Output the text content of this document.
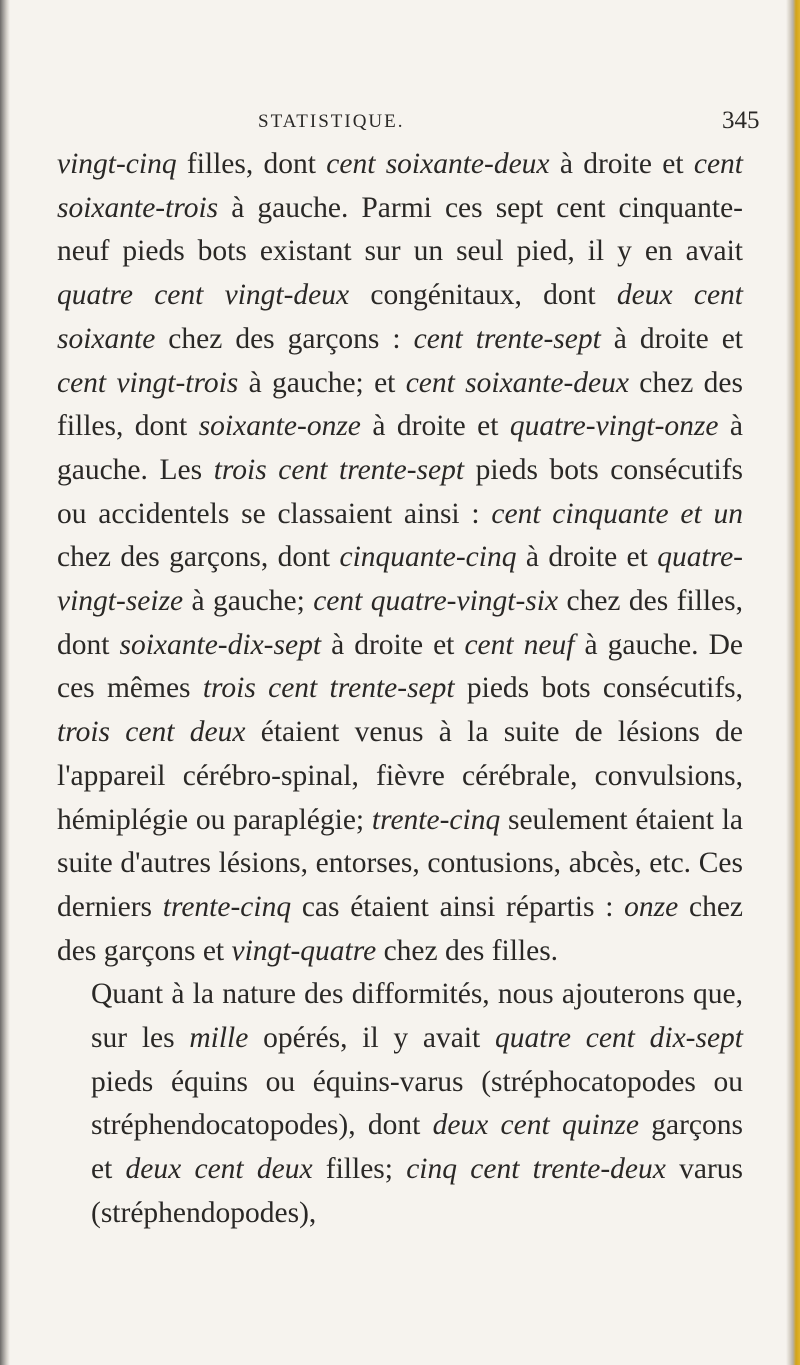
STATISTIQUE.	345
vingt-cinq filles, dont cent soixante-deux à droite et cent soixante-trois à gauche. Parmi ces sept cent cinquante-neuf pieds bots existant sur un seul pied, il y en avait quatre cent vingt-deux congénitaux, dont deux cent soixante chez des garçons : cent trente-sept à droite et cent vingt-trois à gauche; et cent soixante-deux chez des filles, dont soixante-onze à droite et quatre-vingt-onze à gauche. Les trois cent trente-sept pieds bots consécutifs ou accidentels se classaient ainsi : cent cinquante et un chez des garçons, dont cinquante-cinq à droite et quatre-vingt-seize à gauche; cent quatre-vingt-six chez des filles, dont soixante-dix-sept à droite et cent neuf à gauche. De ces mêmes trois cent trente-sept pieds bots consécutifs, trois cent deux étaient venus à la suite de lésions de l'appareil cérébro-spinal, fièvre cérébrale, convulsions, hémiplégie ou paraplégie; trente-cinq seulement étaient la suite d'autres lésions, entorses, contusions, abcès, etc. Ces derniers trente-cinq cas étaient ainsi répartis : onze chez des garçons et vingt-quatre chez des filles.
Quant à la nature des difformités, nous ajouterons que, sur les mille opérés, il y avait quatre cent dix-sept pieds équins ou équins-varus (stréphocatopodes ou stréphendocatopodes), dont deux cent quinze garçons et deux cent deux filles; cinq cent trente-deux varus (stréphendopodes),
